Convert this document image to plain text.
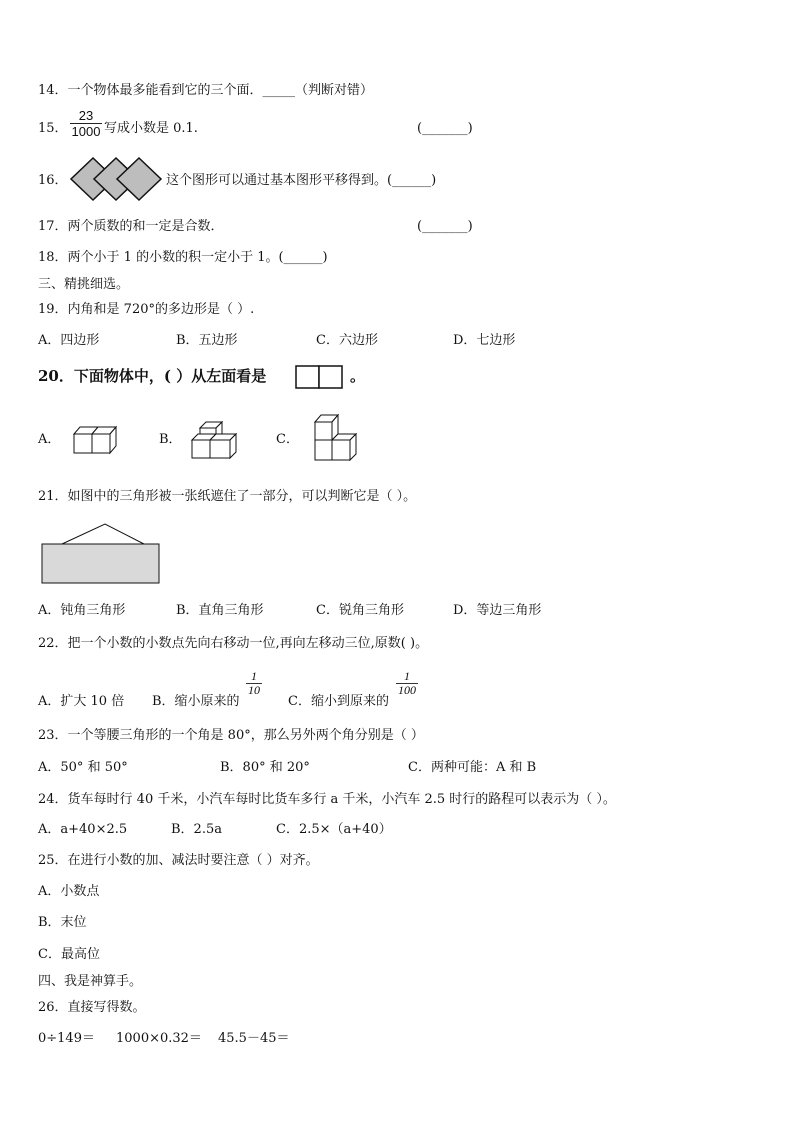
14．一个物体最多能看到它的三个面．_____（判断对错）
15．
23
1000 写成小数是 0.1.	(_______)
16．	这个图形可以通过基本图形平移得到。(______)
17．两个质数的和一定是合数．	(_______)
18．两个小于 1 的小数的积一定小于 1。(______)
三、精挑细选。
19．内角和是 720°的多边形是（ ）.
A．四边形	B．五边形	C．六边形	D．七边形
20．下面物体中，( ）从左面看是	。
A．	B．	C．
21．如图中的三角形被一张纸遮住了一部分，可以判断它是（ ）。
A．钝角三角形	B．直角三角形	C．锐角三角形	D．等边三角形
22．把一个小数的小数点先向右移动一位,再向左移动三位,原数( )。
A．扩大 10 倍 B．缩小原来的
1
10
C．缩小到原来的
1
100
23．一个等腰三角形的一个角是 80°，那么另外两个角分别是（ ）
A．50° 和 50°	B．80° 和 20°	C．两种可能：A 和 B
24．货车每时行 40 千米，小汽车每时比货车多行 a 千米，小汽车 2.5 时行的路程可以表示为（ ）。
A．a+40×2.5	B．2.5a	C．2.5×（a+40）
25．在进行小数的加、减法时要注意（ ）对齐。
A．小数点
B．末位
C．最高位
四、我是神算手。
26．直接写得数。
0÷149＝ 1000×0.32＝ 45.5－45＝
